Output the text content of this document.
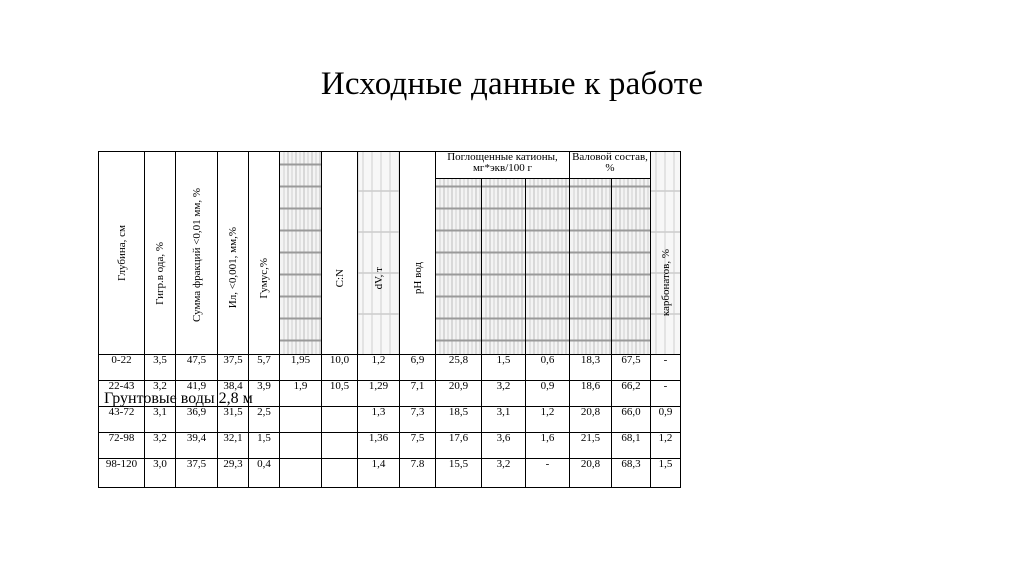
Исходные данные к работе
Глубина, см	Гигр.в ода, %	Сумма фракций <0,01 мм, %	Ил, <0,001, мм,%	Гумус,%		C:N	dV, т	pH вод	Поглощенные катионы, мг*экв/100 г			Валовой состав, %		карбонатов, %

0-22	3,5	47,5	37,5	5,7	1,95	10,0	1,2	6,9	25,8	1,5	0,6	18,3	67,5	-
22-43	3,2	41,9	38,4	3,9	1,9	10,5	1,29	7,1	20,9	3,2	0,9	18,6	66,2	-
43-72	3,1	36,9	31,5	2,5			1,3	7,3	18,5	3,1	1,2	20,8	66,0	0,9
72-98	3,2	39,4	32,1	1,5			1,36	7,5	17,6	3,6	1,6	21,5	68,1	1,2
98-120	3,0	37,5	29,3	0,4			1,4	7.8	15,5	3,2	-	20,8	68,3	1,5
Грунтовые воды 2,8 м
